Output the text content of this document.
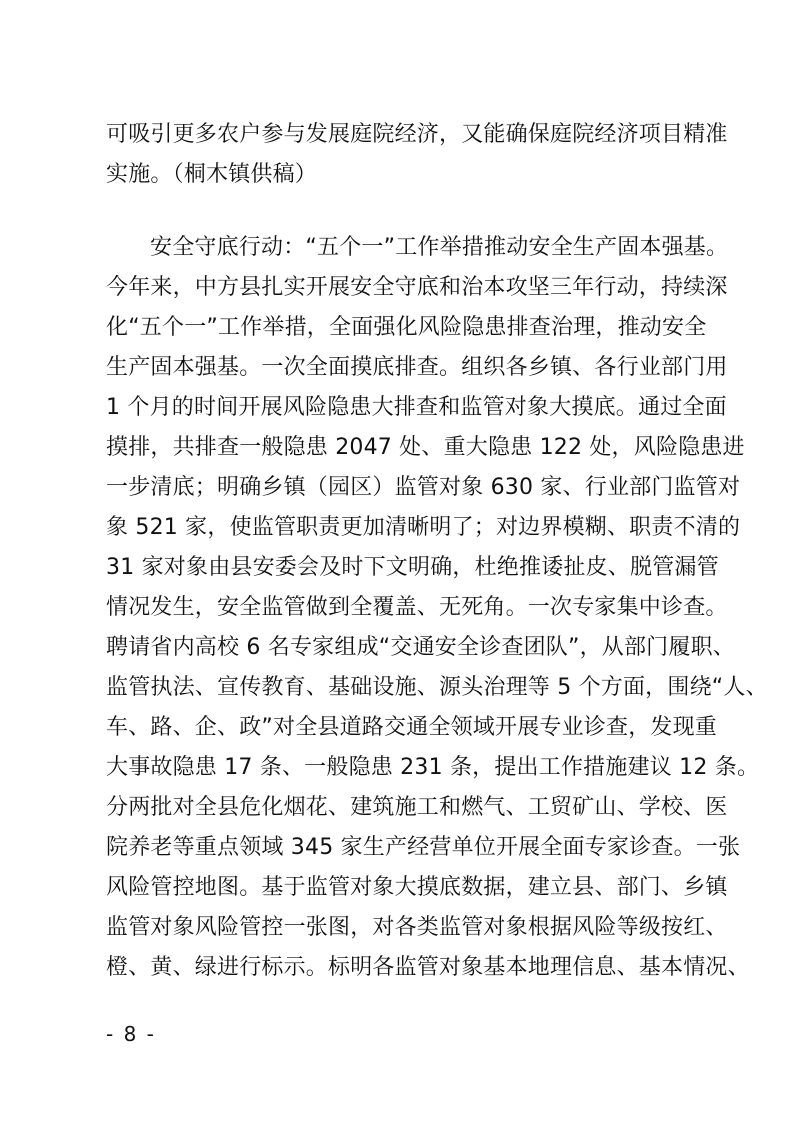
可吸引更多农户参与发展庭院经济，又能确保庭院经济项目精准
实施。（桐木镇供稿）
安全守底行动：“五个一”工作举措推动安全生产固本强基。
今年来，中方县扎实开展安全守底和治本攻坚三年行动，持续深
化“五个一”工作举措，全面强化风险隐患排查治理，推动安全
生产固本强基。一次全面摸底排查。组织各乡镇、各行业部门用
1 个月的时间开展风险隐患大排查和监管对象大摸底。通过全面
摸排，共排查一般隐患 2047 处、重大隐患 122 处，风险隐患进
一步清底；明确乡镇（园区）监管对象 630 家、行业部门监管对
象 521 家，使监管职责更加清晰明了；对边界模糊、职责不清的
31 家对象由县安委会及时下文明确，杜绝推诿扯皮、脱管漏管
情况发生，安全监管做到全覆盖、无死角。一次专家集中诊查。
聘请省内高校 6 名专家组成“交通安全诊查团队”，从部门履职、
监管执法、宣传教育、基础设施、源头治理等 5 个方面，围绕“人、
车、路、企、政”对全县道路交通全领域开展专业诊查，发现重
大事故隐患 17 条、一般隐患 231 条，提出工作措施建议 12 条。
分两批对全县危化烟花、建筑施工和燃气、工贸矿山、学校、医
院养老等重点领域 345 家生产经营单位开展全面专家诊查。一张
风险管控地图。基于监管对象大摸底数据，建立县、部门、乡镇
监管对象风险管控一张图，对各类监管对象根据风险等级按红、
橙、黄、绿进行标示。标明各监管对象基本地理信息、基本情况、
- 8 -
